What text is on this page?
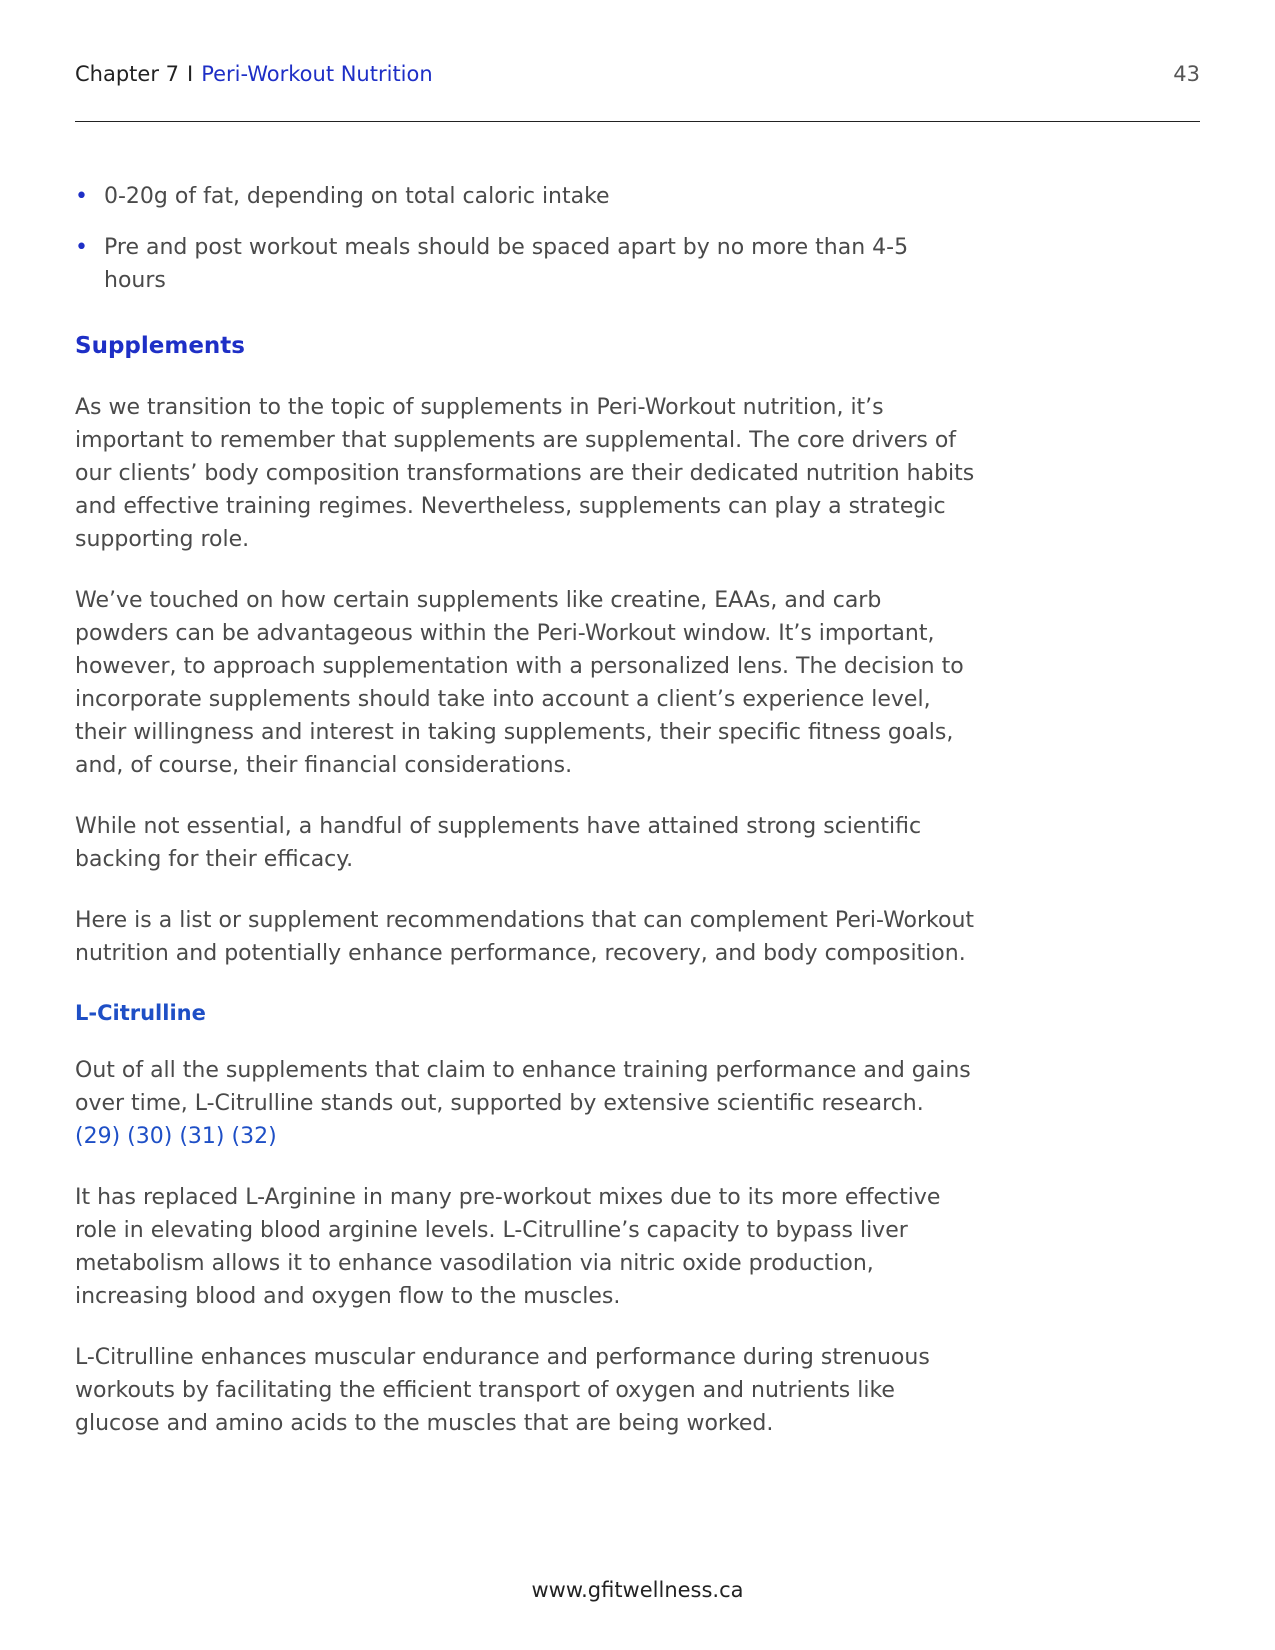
Chapter 7 I Peri-Workout Nutrition	43
• 0-20g of fat, depending on total caloric intake
• Pre and post workout meals should be spaced apart by no more than 4-5 hours
Supplements

As we transition to the topic of supplements in Peri-Workout nutrition, it’s important to remember that supplements are supplemental. The core drivers of our clients’ body composition transformations are their dedicated nutrition habits and effective training regimes. Nevertheless, supplements can play a strategic supporting role.

We’ve touched on how certain supplements like creatine, EAAs, and carb powders can be advantageous within the Peri-Workout window. It’s important, however, to approach supplementation with a personalized lens. The decision to incorporate supplements should take into account a client’s experience level, their willingness and interest in taking supplements, their specific fitness goals, and, of course, their financial considerations.

While not essential, a handful of supplements have attained strong scientific backing for their efficacy.

Here is a list or supplement recommendations that can complement Peri-Workout nutrition and potentially enhance performance, recovery, and body composition.

L-Citrulline

Out of all the supplements that claim to enhance training performance and gains over time, L-Citrulline stands out, supported by extensive scientific research. (29) (30) (31) (32)

It has replaced L-Arginine in many pre-workout mixes due to its more effective role in elevating blood arginine levels. L-Citrulline’s capacity to bypass liver metabolism allows it to enhance vasodilation via nitric oxide production, increasing blood and oxygen flow to the muscles.

L-Citrulline enhances muscular endurance and performance during strenuous workouts by facilitating the efficient transport of oxygen and nutrients like glucose and amino acids to the muscles that are being worked.

www.gfitwellness.ca
